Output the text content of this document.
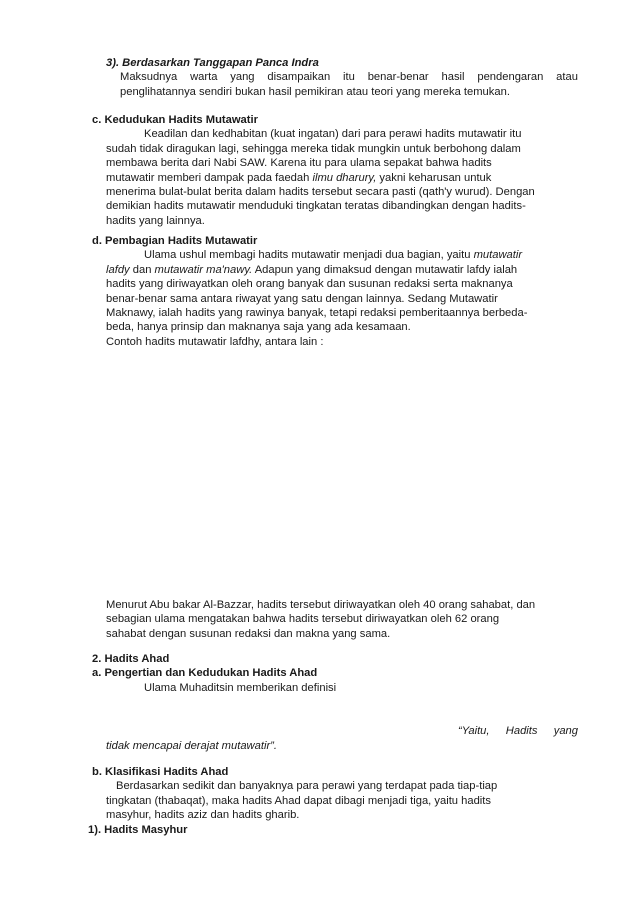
3). Berdasarkan Tanggapan Panca Indra
Maksudnya warta yang disampaikan itu benar-benar hasil pendengaran atau
penglihatannya sendiri bukan hasil pemikiran atau teori yang mereka temukan.
c. Kedudukan Hadits Mutawatir
Keadilan dan kedhabitan (kuat ingatan) dari para perawi hadits mutawatir itu
sudah tidak diragukan lagi, sehingga mereka tidak mungkin untuk berbohong dalam
membawa berita dari Nabi SAW. Karena itu para ulama sepakat bahwa hadits
mutawatir memberi dampak pada faedah ilmu dharury, yakni keharusan untuk
menerima bulat-bulat berita dalam hadits tersebut secara pasti (qath'y wurud). Dengan
demikian hadits mutawatir menduduki tingkatan teratas dibandingkan dengan hadits-
hadits yang lainnya.
d. Pembagian Hadits Mutawatir
Ulama ushul membagi hadits mutawatir menjadi dua bagian, yaitu mutawatir
lafdy dan mutawatir ma'nawy. Adapun yang dimaksud dengan mutawatir lafdy ialah
hadits yang diriwayatkan oleh orang banyak dan susunan redaksi serta maknanya
benar-benar sama antara riwayat yang satu dengan lainnya. Sedang Mutawatir
Maknawy, ialah hadits yang rawinya banyak, tetapi redaksi pemberitaannya berbeda-
beda, hanya prinsip dan maknanya saja yang ada kesamaan.
Contoh hadits mutawatir lafdhy, antara lain :
Menurut Abu bakar Al-Bazzar, hadits tersebut diriwayatkan oleh 40 orang sahabat, dan
sebagian ulama mengatakan bahwa hadits tersebut diriwayatkan oleh 62 orang
sahabat dengan susunan redaksi dan makna yang sama.
2. Hadits Ahad
a. Pengertian dan Kedudukan Hadits Ahad
Ulama Muhaditsin memberikan definisi
“Yaitu, Hadits yang
tidak mencapai derajat mutawatir”.
b. Klasifikasi Hadits Ahad
Berdasarkan sedikit dan banyaknya para perawi yang terdapat pada tiap-tiap
tingkatan (thabaqat), maka hadits Ahad dapat dibagi menjadi tiga, yaitu hadits
masyhur, hadits aziz dan hadits gharib.
1). Hadits Masyhur
